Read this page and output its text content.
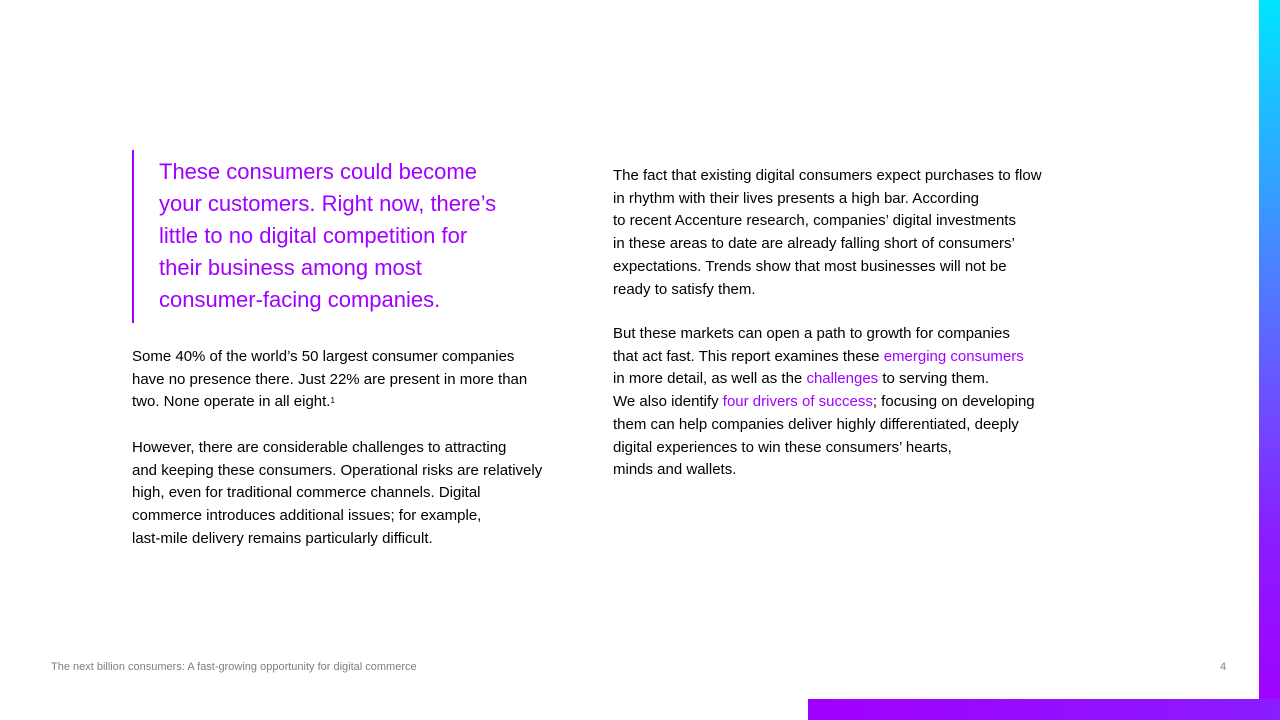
These consumers could become
your customers. Right now, there’s
little to no digital competition for
their business among most
consumer-facing companies.
Some 40% of the world’s 50 largest consumer companies
have no presence there. Just 22% are present in more than
two. None operate in all eight.$^1$
However, there are considerable challenges to attracting
and keeping these consumers. Operational risks are relatively
high, even for traditional commerce channels. Digital
commerce introduces additional issues; for example,
last-mile delivery remains particularly difficult.
The fact that existing digital consumers expect purchases to flow
in rhythm with their lives presents a high bar. According
to recent Accenture research, companies’ digital investments
in these areas to date are already falling short of consumers’
expectations. Trends show that most businesses will not be
ready to satisfy them.
But these markets can open a path to growth for companies
that act fast. This report examines these emerging consumers
in more detail, as well as the challenges to serving them.
We also identify four drivers of success; focusing on developing
them can help companies deliver highly differentiated, deeply
digital experiences to win these consumers’ hearts,
minds and wallets.
The next billion consumers: A fast-growing opportunity for digital commerce	4
